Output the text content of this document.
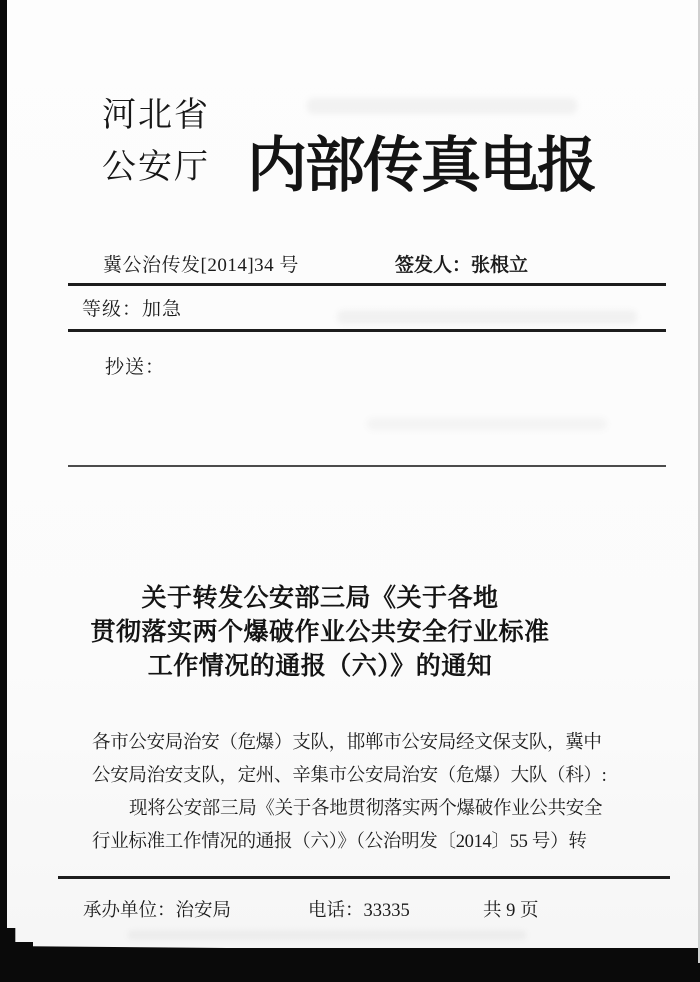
河北省
公安厅 内部传真电报
冀公治传发[2014]34 号	签发人：张根立
等级：加急
抄送：
关于转发公安部三局《关于各地
贯彻落实两个爆破作业公共安全行业标准
工作情况的通报（六）》的通知
各市公安局治安（危爆）支队，邯郸市公安局经文保支队，冀中
公安局治安支队，定州、辛集市公安局治安（危爆）大队（科）:
现将公安部三局《关于各地贯彻落实两个爆破作业公共安全
行业标准工作情况的通报（六）》（公治明发〔2014〕55 号）转
承办单位：治安局	电话：33335	共 9 页
